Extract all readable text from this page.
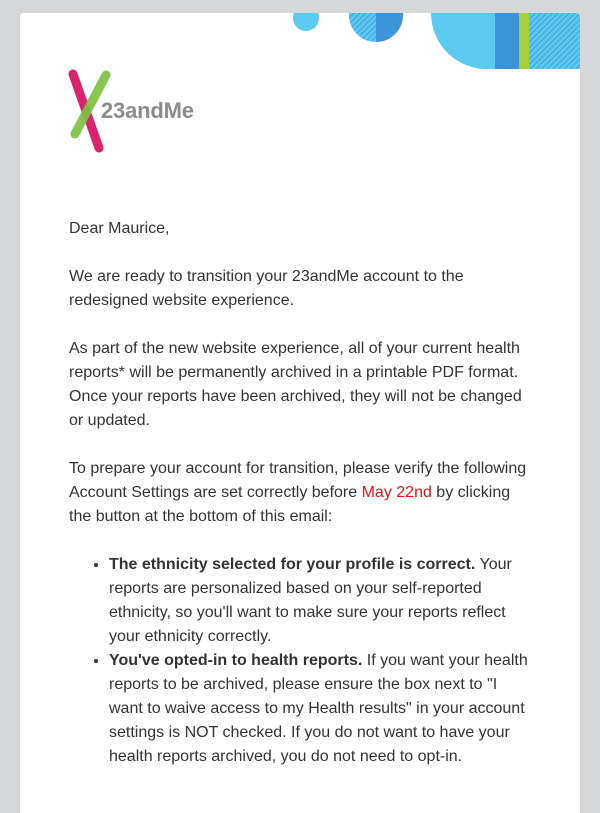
23andMe

Dear Maurice,

We are ready to transition your 23andMe account to the redesigned website experience.

As part of the new website experience, all of your current health reports* will be permanently archived in a printable PDF format. Once your reports have been archived, they will not be changed or updated.

To prepare your account for transition, please verify the following Account Settings are set correctly before May 22nd by clicking the button at the bottom of this email:

• The ethnicity selected for your profile is correct. Your reports are personalized based on your self-reported ethnicity, so you'll want to make sure your reports reflect your ethnicity correctly.
• You've opted-in to health reports. If you want your health reports to be archived, please ensure the box next to "I want to waive access to my Health results" in your account settings is NOT checked. If you do not want to have your health reports archived, you do not need to opt-in.
